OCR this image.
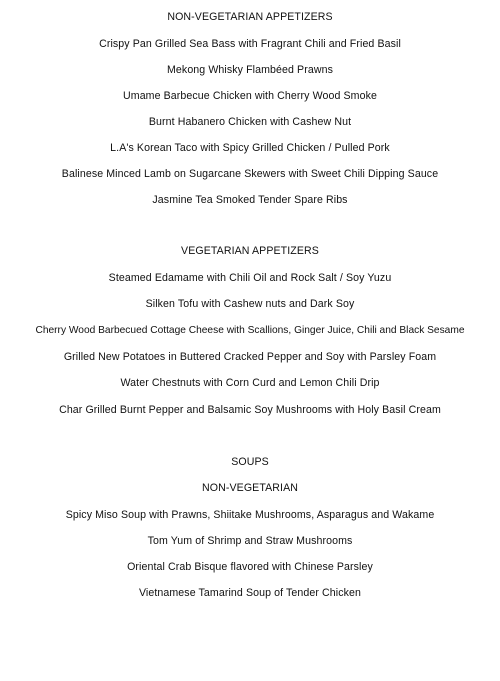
NON-VEGETARIAN APPETIZERS
Crispy Pan Grilled Sea Bass with Fragrant Chili and Fried Basil
Mekong Whisky Flambéed Prawns
Umame Barbecue Chicken with Cherry Wood Smoke
Burnt Habanero Chicken with Cashew Nut
L.A's Korean Taco with Spicy Grilled Chicken / Pulled Pork
Balinese Minced Lamb on Sugarcane Skewers with Sweet Chili Dipping Sauce
Jasmine Tea Smoked Tender Spare Ribs
VEGETARIAN APPETIZERS
Steamed Edamame with Chili Oil and Rock Salt / Soy Yuzu
Silken Tofu with Cashew nuts and Dark Soy
Cherry Wood Barbecued Cottage Cheese with Scallions, Ginger Juice, Chili and Black Sesame
Grilled New Potatoes in Buttered Cracked Pepper and Soy with Parsley Foam
Water Chestnuts with Corn Curd and Lemon Chili Drip
Char Grilled Burnt Pepper and Balsamic Soy Mushrooms with Holy Basil Cream
SOUPS
NON-VEGETARIAN
Spicy Miso Soup with Prawns, Shiitake Mushrooms, Asparagus and Wakame
Tom Yum of Shrimp and Straw Mushrooms
Oriental Crab Bisque flavored with Chinese Parsley
Vietnamese Tamarind Soup of Tender Chicken
